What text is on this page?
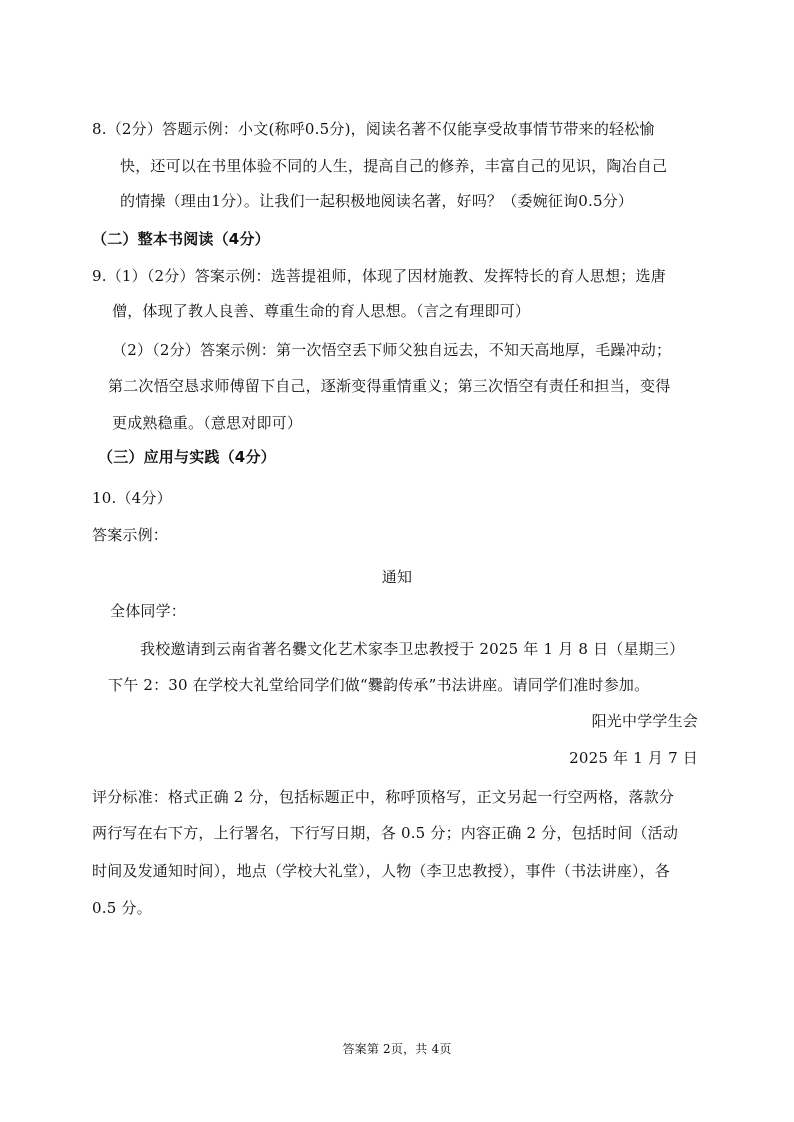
8.（2分）答题示例：小文(称呼0.5分)，阅读名著不仅能享受故事情节带来的轻松愉
快，还可以在书里体验不同的人生，提高自己的修养，丰富自己的见识，陶冶自己
的情操（理由1分）。让我们一起积极地阅读名著，好吗？（委婉征询0.5分）
（二）整本书阅读（4分）
9.（1）（2分）答案示例：选菩提祖师，体现了因材施教、发挥特长的育人思想；选唐
僧，体现了教人良善、尊重生命的育人思想。（言之有理即可）
（2）（2分）答案示例：第一次悟空丢下师父独自远去，不知天高地厚，毛躁冲动；
第二次悟空恳求师傅留下自己，逐渐变得重情重义；第三次悟空有责任和担当，变得
更成熟稳重。（意思对即可）
（三）应用与实践（4分）
10.（4分）
答案示例：
通知
全体同学：
我校邀请到云南省著名爨文化艺术家李卫忠教授于 2025 年 1 月 8 日（星期三）
下午 2：30 在学校大礼堂给同学们做“爨韵传承”书法讲座。请同学们准时参加。
阳光中学学生会
2025 年 1 月 7 日
评分标准：格式正确 2 分，包括标题正中，称呼顶格写，正文另起一行空两格，落款分
两行写在右下方，上行署名，下行写日期，各 0.5 分；内容正确 2 分，包括时间（活动
时间及发通知时间），地点（学校大礼堂），人物（李卫忠教授），事件（书法讲座），各
0.5 分。
答案第 2页，共 4页
